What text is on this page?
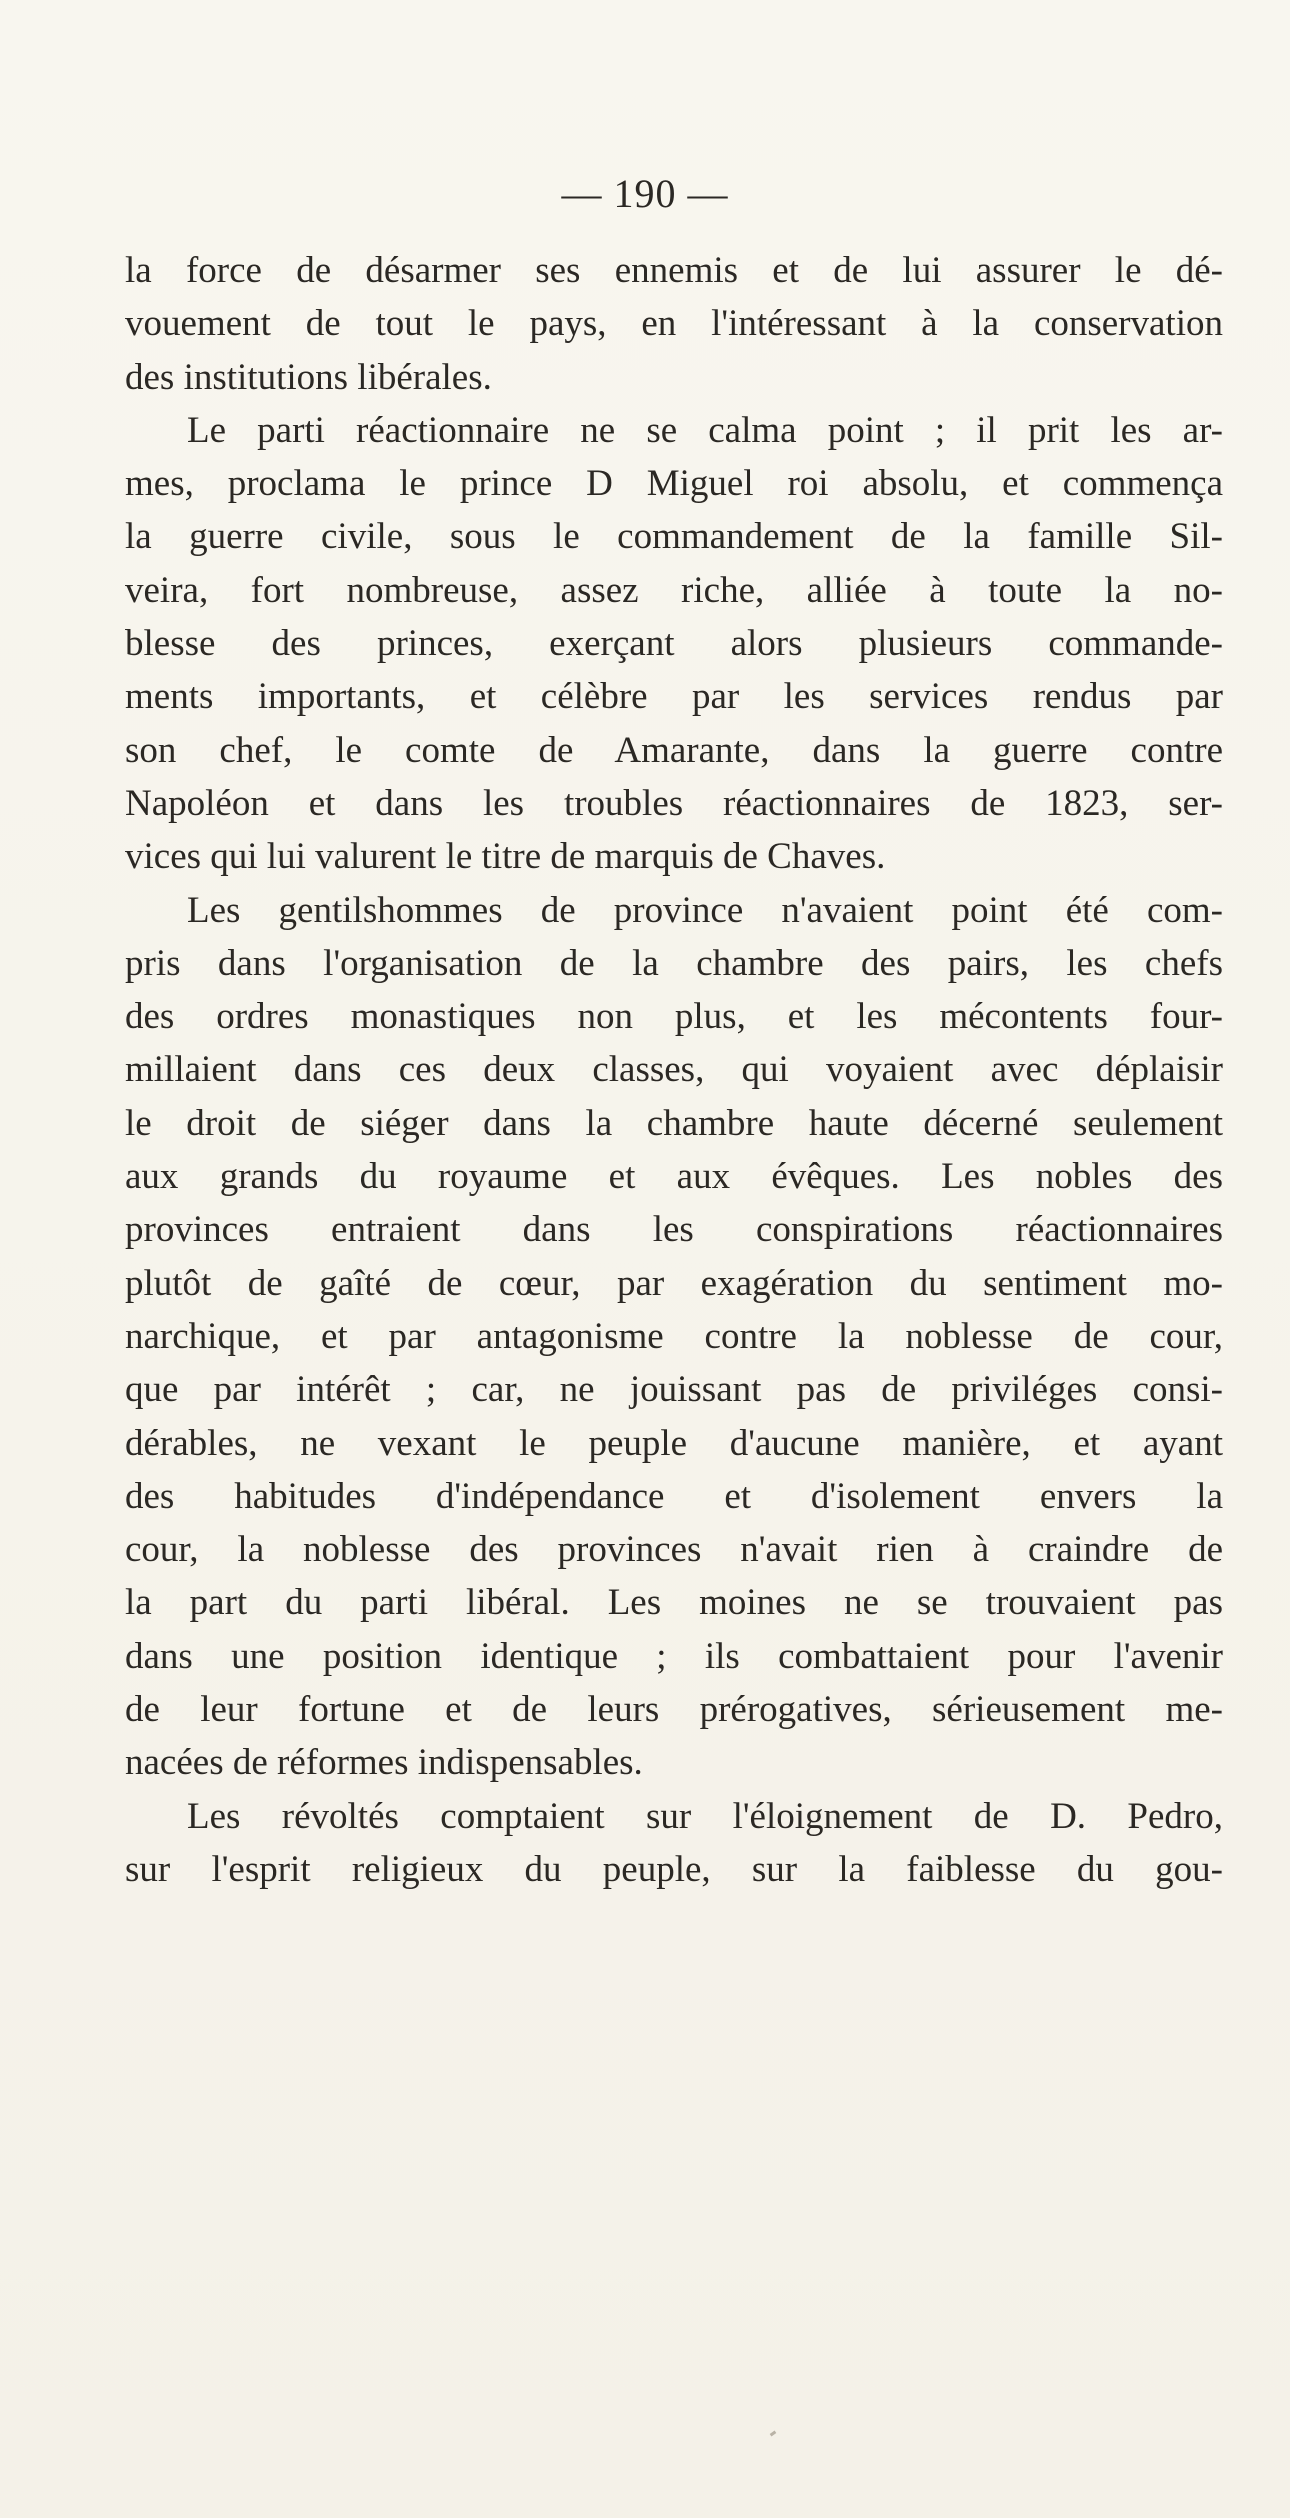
— 190 —
la force de désarmer ses ennemis et de lui assurer le dé-
vouement de tout le pays, en l'intéressant à la conservation
des institutions libérales.
Le parti réactionnaire ne se calma point ; il prit les ar-
mes, proclama le prince D Miguel roi absolu, et commença
la guerre civile, sous le commandement de la famille Sil-
veira, fort nombreuse, assez riche, alliée à toute la no-
blesse des princes, exerçant alors plusieurs commande-
ments importants, et célèbre par les services rendus par
son chef, le comte de Amarante, dans la guerre contre
Napoléon et dans les troubles réactionnaires de 1823, ser-
vices qui lui valurent le titre de marquis de Chaves.
Les gentilshommes de province n'avaient point été com-
pris dans l'organisation de la chambre des pairs, les chefs
des ordres monastiques non plus, et les mécontents four-
millaient dans ces deux classes, qui voyaient avec déplaisir
le droit de siéger dans la chambre haute décerné seulement
aux grands du royaume et aux évêques. Les nobles des
provinces entraient dans les conspirations réactionnaires
plutôt de gaîté de cœur, par exagération du sentiment mo-
narchique, et par antagonisme contre la noblesse de cour,
que par intérêt ; car, ne jouissant pas de priviléges consi-
dérables, ne vexant le peuple d'aucune manière, et ayant
des habitudes d'indépendance et d'isolement envers la
cour, la noblesse des provinces n'avait rien à craindre de
la part du parti libéral. Les moines ne se trouvaient pas
dans une position identique ; ils combattaient pour l'avenir
de leur fortune et de leurs prérogatives, sérieusement me-
nacées de réformes indispensables.
Les révoltés comptaient sur l'éloignement de D. Pedro,
sur l'esprit religieux du peuple, sur la faiblesse du gou-
